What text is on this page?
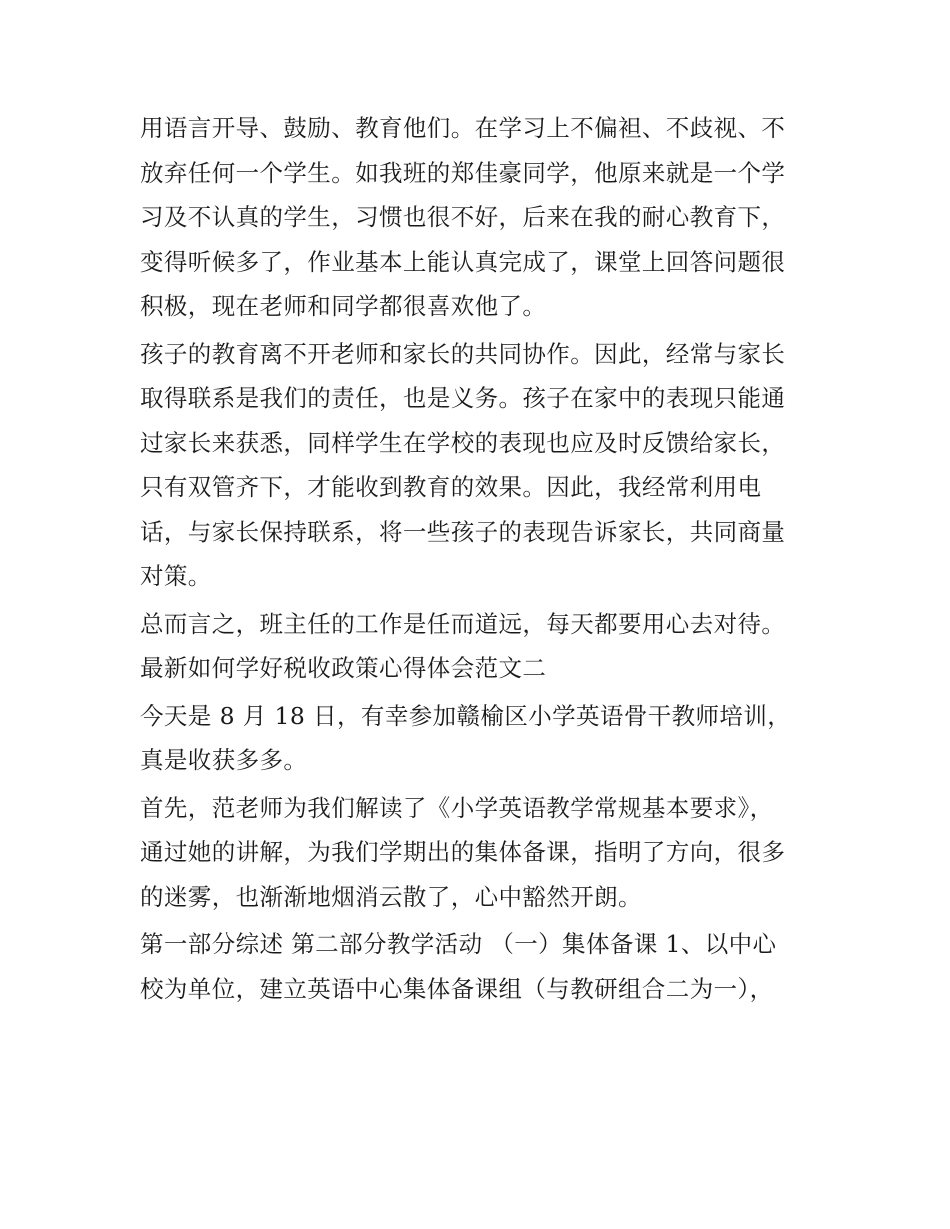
用语言开导、鼓励、教育他们。在学习上不偏袒、不歧视、不
放弃任何一个学生。如我班的郑佳豪同学，他原来就是一个学
习及不认真的学生，习惯也很不好，后来在我的耐心教育下，
变得听候多了，作业基本上能认真完成了，课堂上回答问题很
积极，现在老师和同学都很喜欢他了。
孩子的教育离不开老师和家长的共同协作。因此，经常与家长
取得联系是我们的责任，也是义务。孩子在家中的表现只能通
过家长来获悉，同样学生在学校的表现也应及时反馈给家长，
只有双管齐下，才能收到教育的效果。因此，我经常利用电
话，与家长保持联系，将一些孩子的表现告诉家长，共同商量
对策。
总而言之，班主任的工作是任而道远，每天都要用心去对待。
最新如何学好税收政策心得体会范文二
今天是 8 月 18 日，有幸参加赣榆区小学英语骨干教师培训，
真是收获多多。
首先，范老师为我们解读了《小学英语教学常规基本要求》，
通过她的讲解，为我们学期出的集体备课，指明了方向，很多
的迷雾，也渐渐地烟消云散了，心中豁然开朗。
第一部分综述 第二部分教学活动 （一）集体备课 1、以中心
校为单位，建立英语中心集体备课组（与教研组合二为一），
